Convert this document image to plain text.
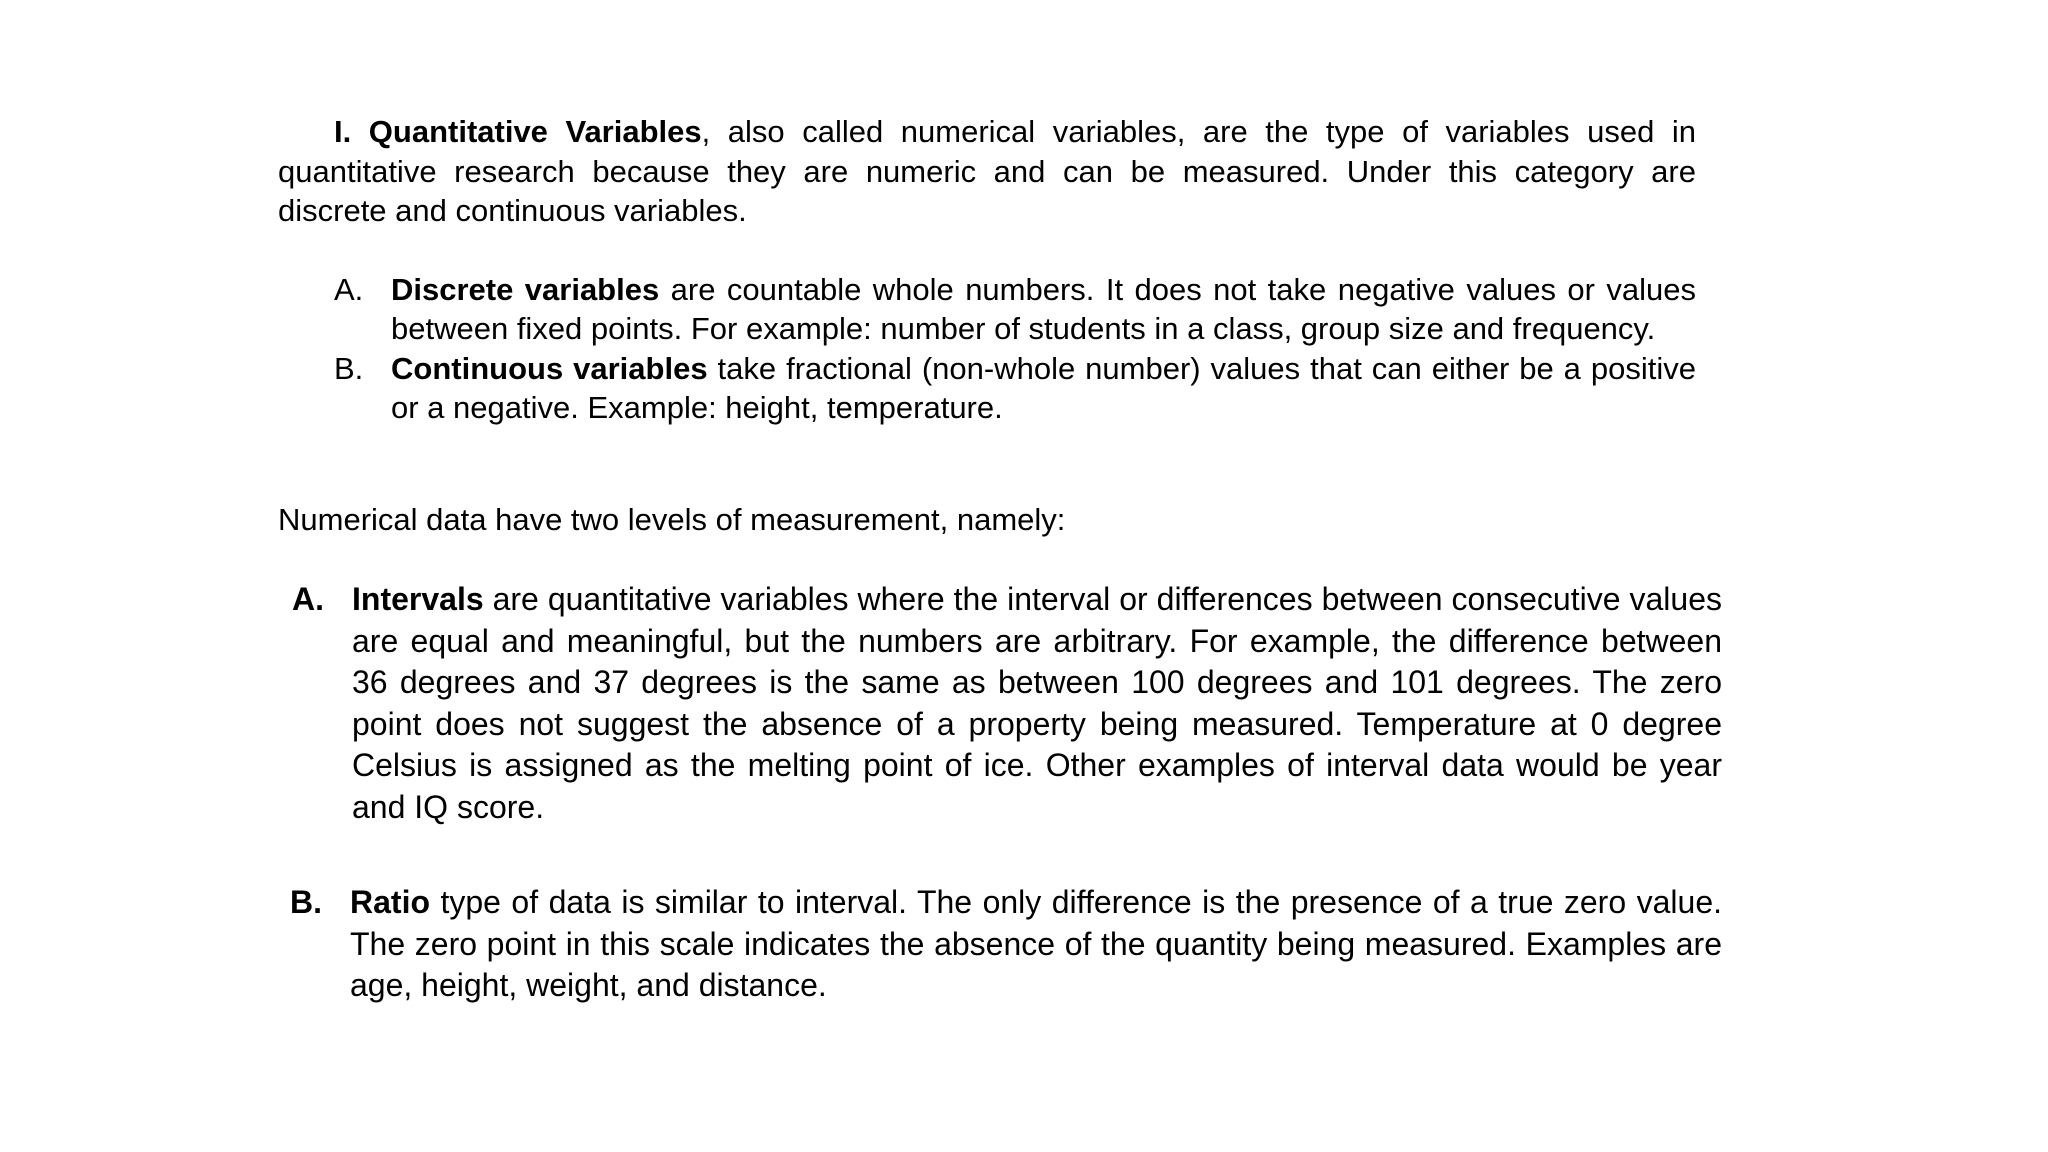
I. Quantitative Variables, also called numerical variables, are the type of variables used in quantitative research because they are numeric and can be measured. Under this category are discrete and continuous variables.

A. Discrete variables are countable whole numbers. It does not take negative values or values between fixed points. For example: number of students in a class, group size and frequency.
B. Continuous variables take fractional (non-whole number) values that can either be a positive or a negative. Example: height, temperature.

Numerical data have two levels of measurement, namely:

A. Intervals are quantitative variables where the interval or differences between consecutive values are equal and meaningful, but the numbers are arbitrary. For example, the difference between 36 degrees and 37 degrees is the same as between 100 degrees and 101 degrees. The zero point does not suggest the absence of a property being measured. Temperature at 0 degree Celsius is assigned as the melting point of ice. Other examples of interval data would be year and IQ score.
B. Ratio type of data is similar to interval. The only difference is the presence of a true zero value. The zero point in this scale indicates the absence of the quantity being measured. Examples are age, height, weight, and distance.
